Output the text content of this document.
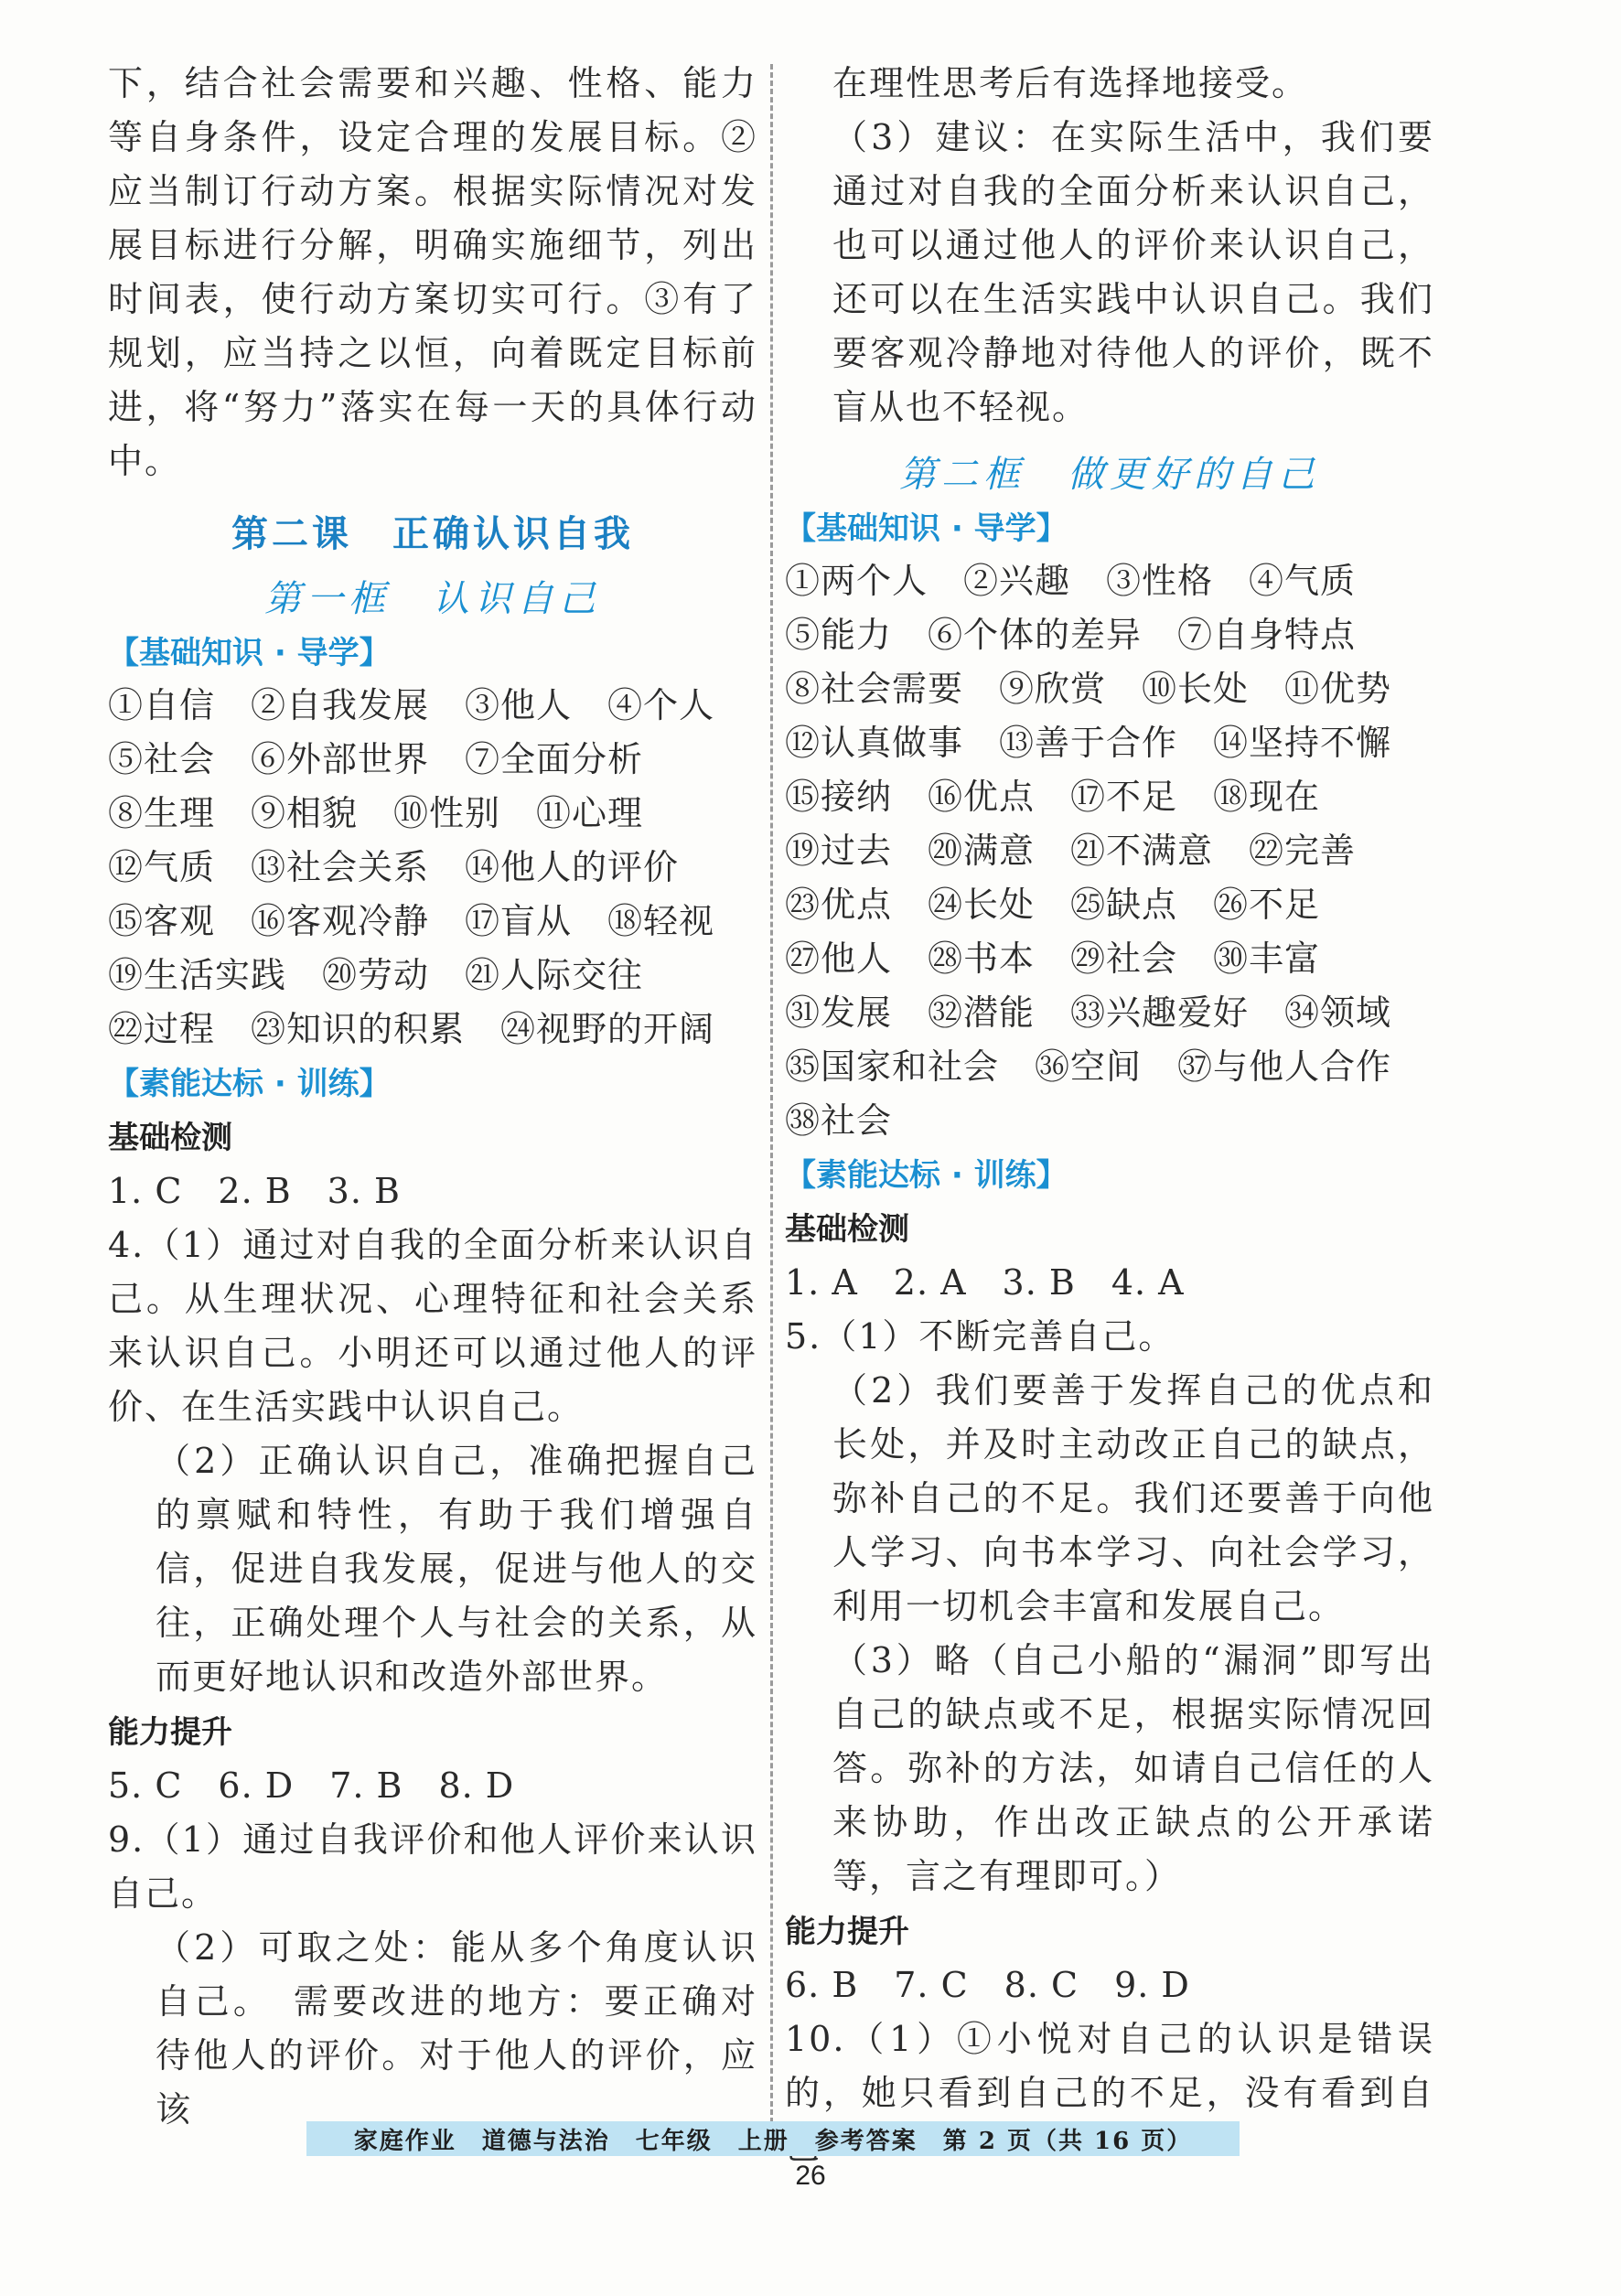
下，结合社会需要和兴趣、性格、能力等自身条件，设定合理的发展目标。②应当制订行动方案。根据实际情况对发展目标进行分解，明确实施细节，列出时间表，使行动方案切实可行。③有了规划，应当持之以恒，向着既定目标前进，将“努力”落实在每一天的具体行动中。

第二课　正确认识自我
第一框　认识自己
【基础知识 · 导学】

①自信　②自我发展　③他人　④个人

⑤社会　⑥外部世界　⑦全面分析

⑧生理　⑨相貌　⑩性别　⑪心理

⑫气质　⑬社会关系　⑭他人的评价

⑮客观　⑯客观冷静　⑰盲从　⑱轻视

⑲生活实践　⑳劳动　㉑人际交往

㉒过程　㉓知识的积累　㉔视野的开阔

【素能达标 · 训练】
基础检测

1. C　2. B　3. B

4.（1）通过对自我的全面分析来认识自己。从生理状况、心理特征和社会关系来认识自己。小明还可以通过他人的评价、在生活实践中认识自己。

（2）正确认识自己，准确把握自己的禀赋和特性，有助于我们增强自信，促进自我发展，促进与他人的交往，正确处理个人与社会的关系，从而更好地认识和改造外部世界。

能力提升

5. C　6. D　7. B　8. D

9.（1）通过自我评价和他人评价来认识自己。

（2）可取之处：能从多个角度认识自己。　需要改进的地方：要正确对待他人的评价。对于他人的评价，应该

在理性思考后有选择地接受。

（3）建议：在实际生活中，我们要通过对自我的全面分析来认识自己，也可以通过他人的评价来认识自己，还可以在生活实践中认识自己。我们要客观冷静地对待他人的评价，既不盲从也不轻视。

第二框　做更好的自己
【基础知识 · 导学】

①两个人　②兴趣　③性格　④气质

⑤能力　⑥个体的差异　⑦自身特点

⑧社会需要　⑨欣赏　⑩长处　⑪优势

⑫认真做事　⑬善于合作　⑭坚持不懈

⑮接纳　⑯优点　⑰不足　⑱现在

⑲过去　⑳满意　㉑不满意　㉒完善

㉓优点　㉔长处　㉕缺点　㉖不足

㉗他人　㉘书本　㉙社会　㉚丰富

㉛发展　㉜潜能　㉝兴趣爱好　㉞领域

㉟国家和社会　㊱空间　㊲与他人合作

㊳社会

【素能达标 · 训练】
基础检测

1. A　2. A　3. B　4. A

5.（1）不断完善自己。

（2）我们要善于发挥自己的优点和长处，并及时主动改正自己的缺点，弥补自己的不足。我们还要善于向他人学习、向书本学习、向社会学习，利用一切机会丰富和发展自己。

（3）略（自己小船的“漏洞”即写出自己的缺点或不足，根据实际情况回答。弥补的方法，如请自己信任的人来协助，作出改正缺点的公开承诺等，言之有理即可。）

能力提升

6. B　7. C　8. C　9. D

10.（1）①小悦对自己的认识是错误的，她只看到自己的不足，没有看到自

家庭作业 道德与法治 七年级 上册 参考答案 第 2 页（共 16 页）
26
